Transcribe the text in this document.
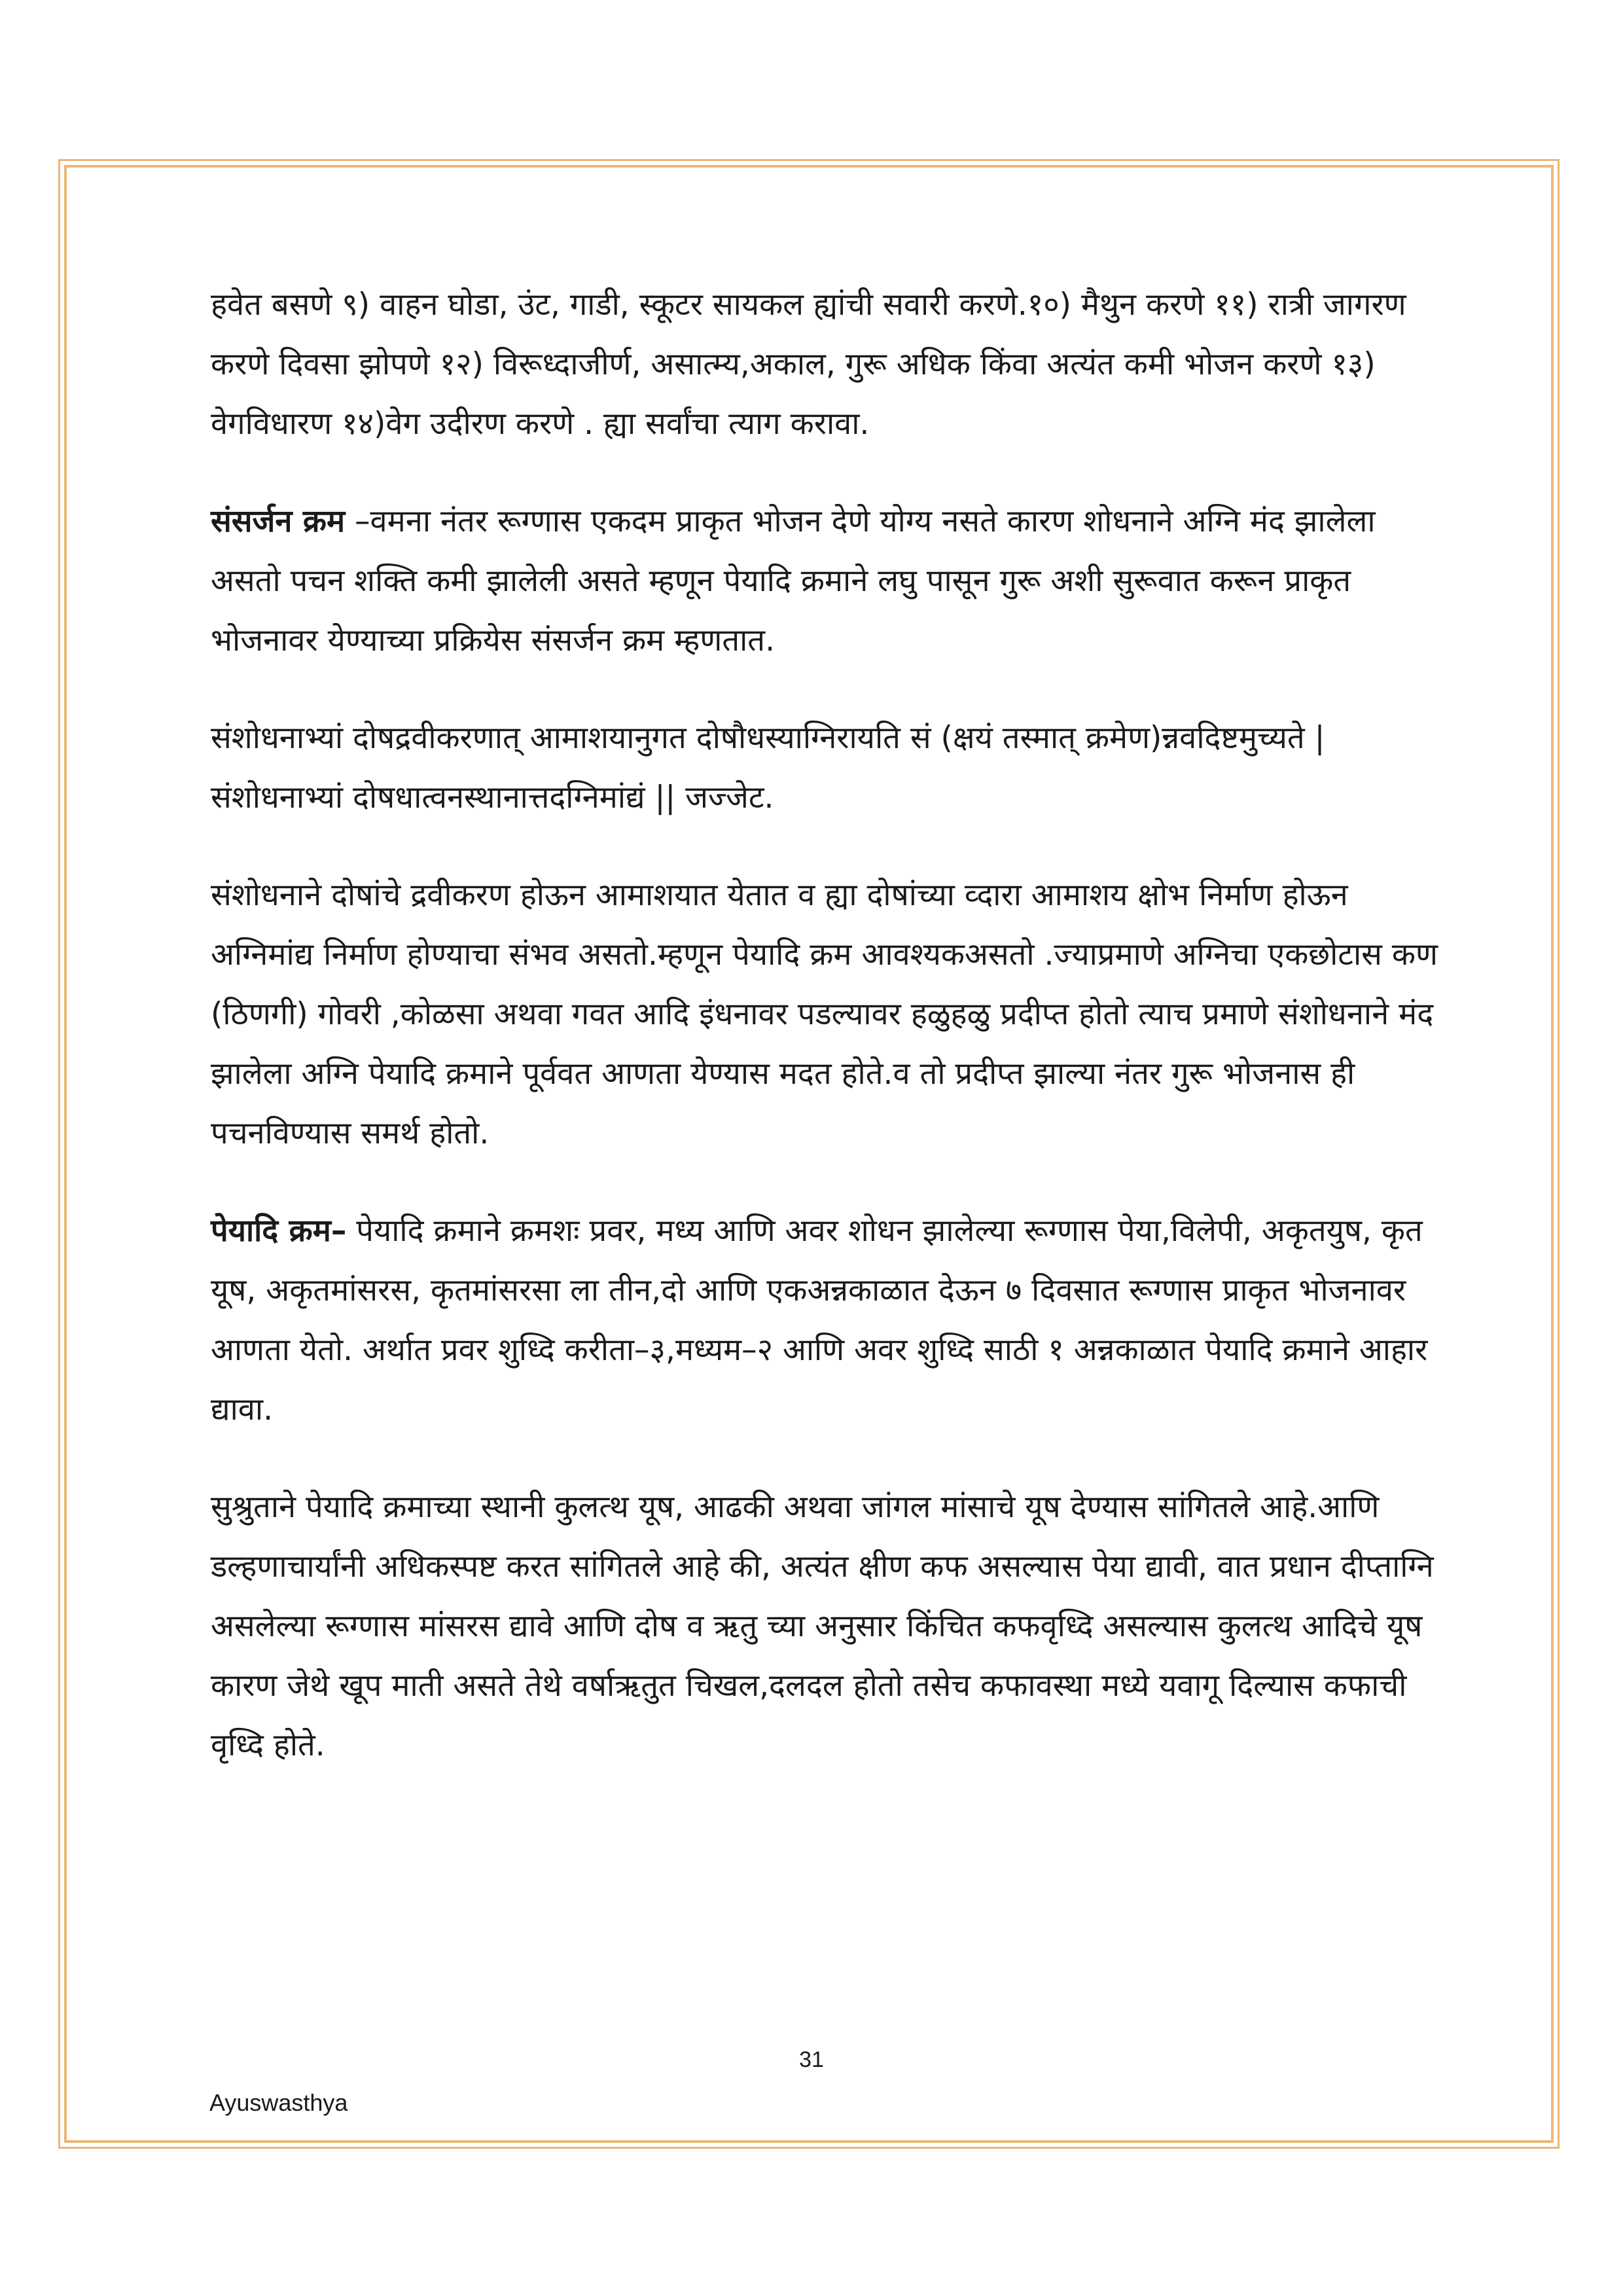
हवेत बसणे ९) वाहन घोडा, उंट, गाडी, स्कूटर सायकल ह्यांची सवारी करणे.१०) मैथुन करणे ११) रात्री जागरण करणे दिवसा झोपणे १२) विरूध्दाजीर्ण, असात्म्य,अकाल, गुरू अधिक किंवा अत्यंत कमी भोजन करणे १३) वेगविधारण १४)वेग उदीरण करणे . ह्या सर्वांचा त्याग करावा.

संसर्जन क्रम –वमना नंतर रूग्णास एकदम प्राकृत भोजन देणे योग्य नसते कारण शोधनाने अग्नि मंद झालेला असतो पचन शक्ति कमी झालेली असते म्हणून पेयादि क्रमाने लघु पासून गुरू अशी सुरूवात करून प्राकृत भोजनावर येण्याच्या प्रक्रियेस संसर्जन क्रम म्हणतात.

संशोधनाभ्यां दोषद्रवीकरणात् आमाशयानुगत दोषौधस्याग्निरायति सं (क्षयं तस्मात् क्रमेण)न्नवदिष्टमुच्यते | संशोधनाभ्यां दोषधात्वनस्थानात्तदग्निमांद्यं || जज्जेट.

संशोधनाने दोषांचे द्रवीकरण होऊन आमाशयात येतात व ह्या दोषांच्या व्दारा आमाशय क्षोभ निर्माण होऊन अग्निमांद्य निर्माण होण्याचा संभव असतो.म्हणून पेयादि क्रम आवश्यकअसतो .ज्याप्रमाणे अग्निचा एकछोटास कण (ठिणगी) गोवरी ,कोळसा अथवा गवत आदि इंधनावर पडल्यावर हळुहळु प्रदीप्त होतो त्याच प्रमाणे संशोधनाने मंद झालेला अग्नि पेयादि क्रमाने पूर्ववत आणता येण्यास मदत होते.व तो प्रदीप्त झाल्या नंतर गुरू भोजनास ही पचनविण्यास समर्थ होतो.

पेयादि क्रम– पेयादि क्रमाने क्रमशः प्रवर, मध्य आणि अवर शोधन झालेल्या रूग्णास पेया,विलेपी, अकृतयुष, कृत यूष, अकृतमांसरस, कृतमांसरसा ला तीन,दो आणि एकअन्नकाळात देऊन ७ दिवसात रूग्णास प्राकृत भोजनावर आणता येतो. अर्थात प्रवर शुध्दि करीता–३,मध्यम–२ आणि अवर शुध्दि साठी १ अन्नकाळात पेयादि क्रमाने आहार द्यावा.

सुश्रुताने पेयादि क्रमाच्या स्थानी कुलत्थ यूष, आढकी अथवा जांगल मांसाचे यूष देण्यास सांगितले आहे.आणि डल्हणाचार्यांनी अधिकस्पष्ट करत सांगितले आहे की, अत्यंत क्षीण कफ असल्यास पेया द्यावी, वात प्रधान दीप्ताग्नि असलेल्या रूग्णास मांसरस द्यावे आणि दोष व ऋतु च्या अनुसार किंचित कफवृध्दि असल्यास कुलत्थ आदिचे यूष कारण जेथे खूप माती असते तेथे वर्षाऋतुत चिखल,दलदल होतो तसेच कफावस्था मध्ये यवागू दिल्यास कफाची वृध्दि होते.

31
Ayuswasthya
